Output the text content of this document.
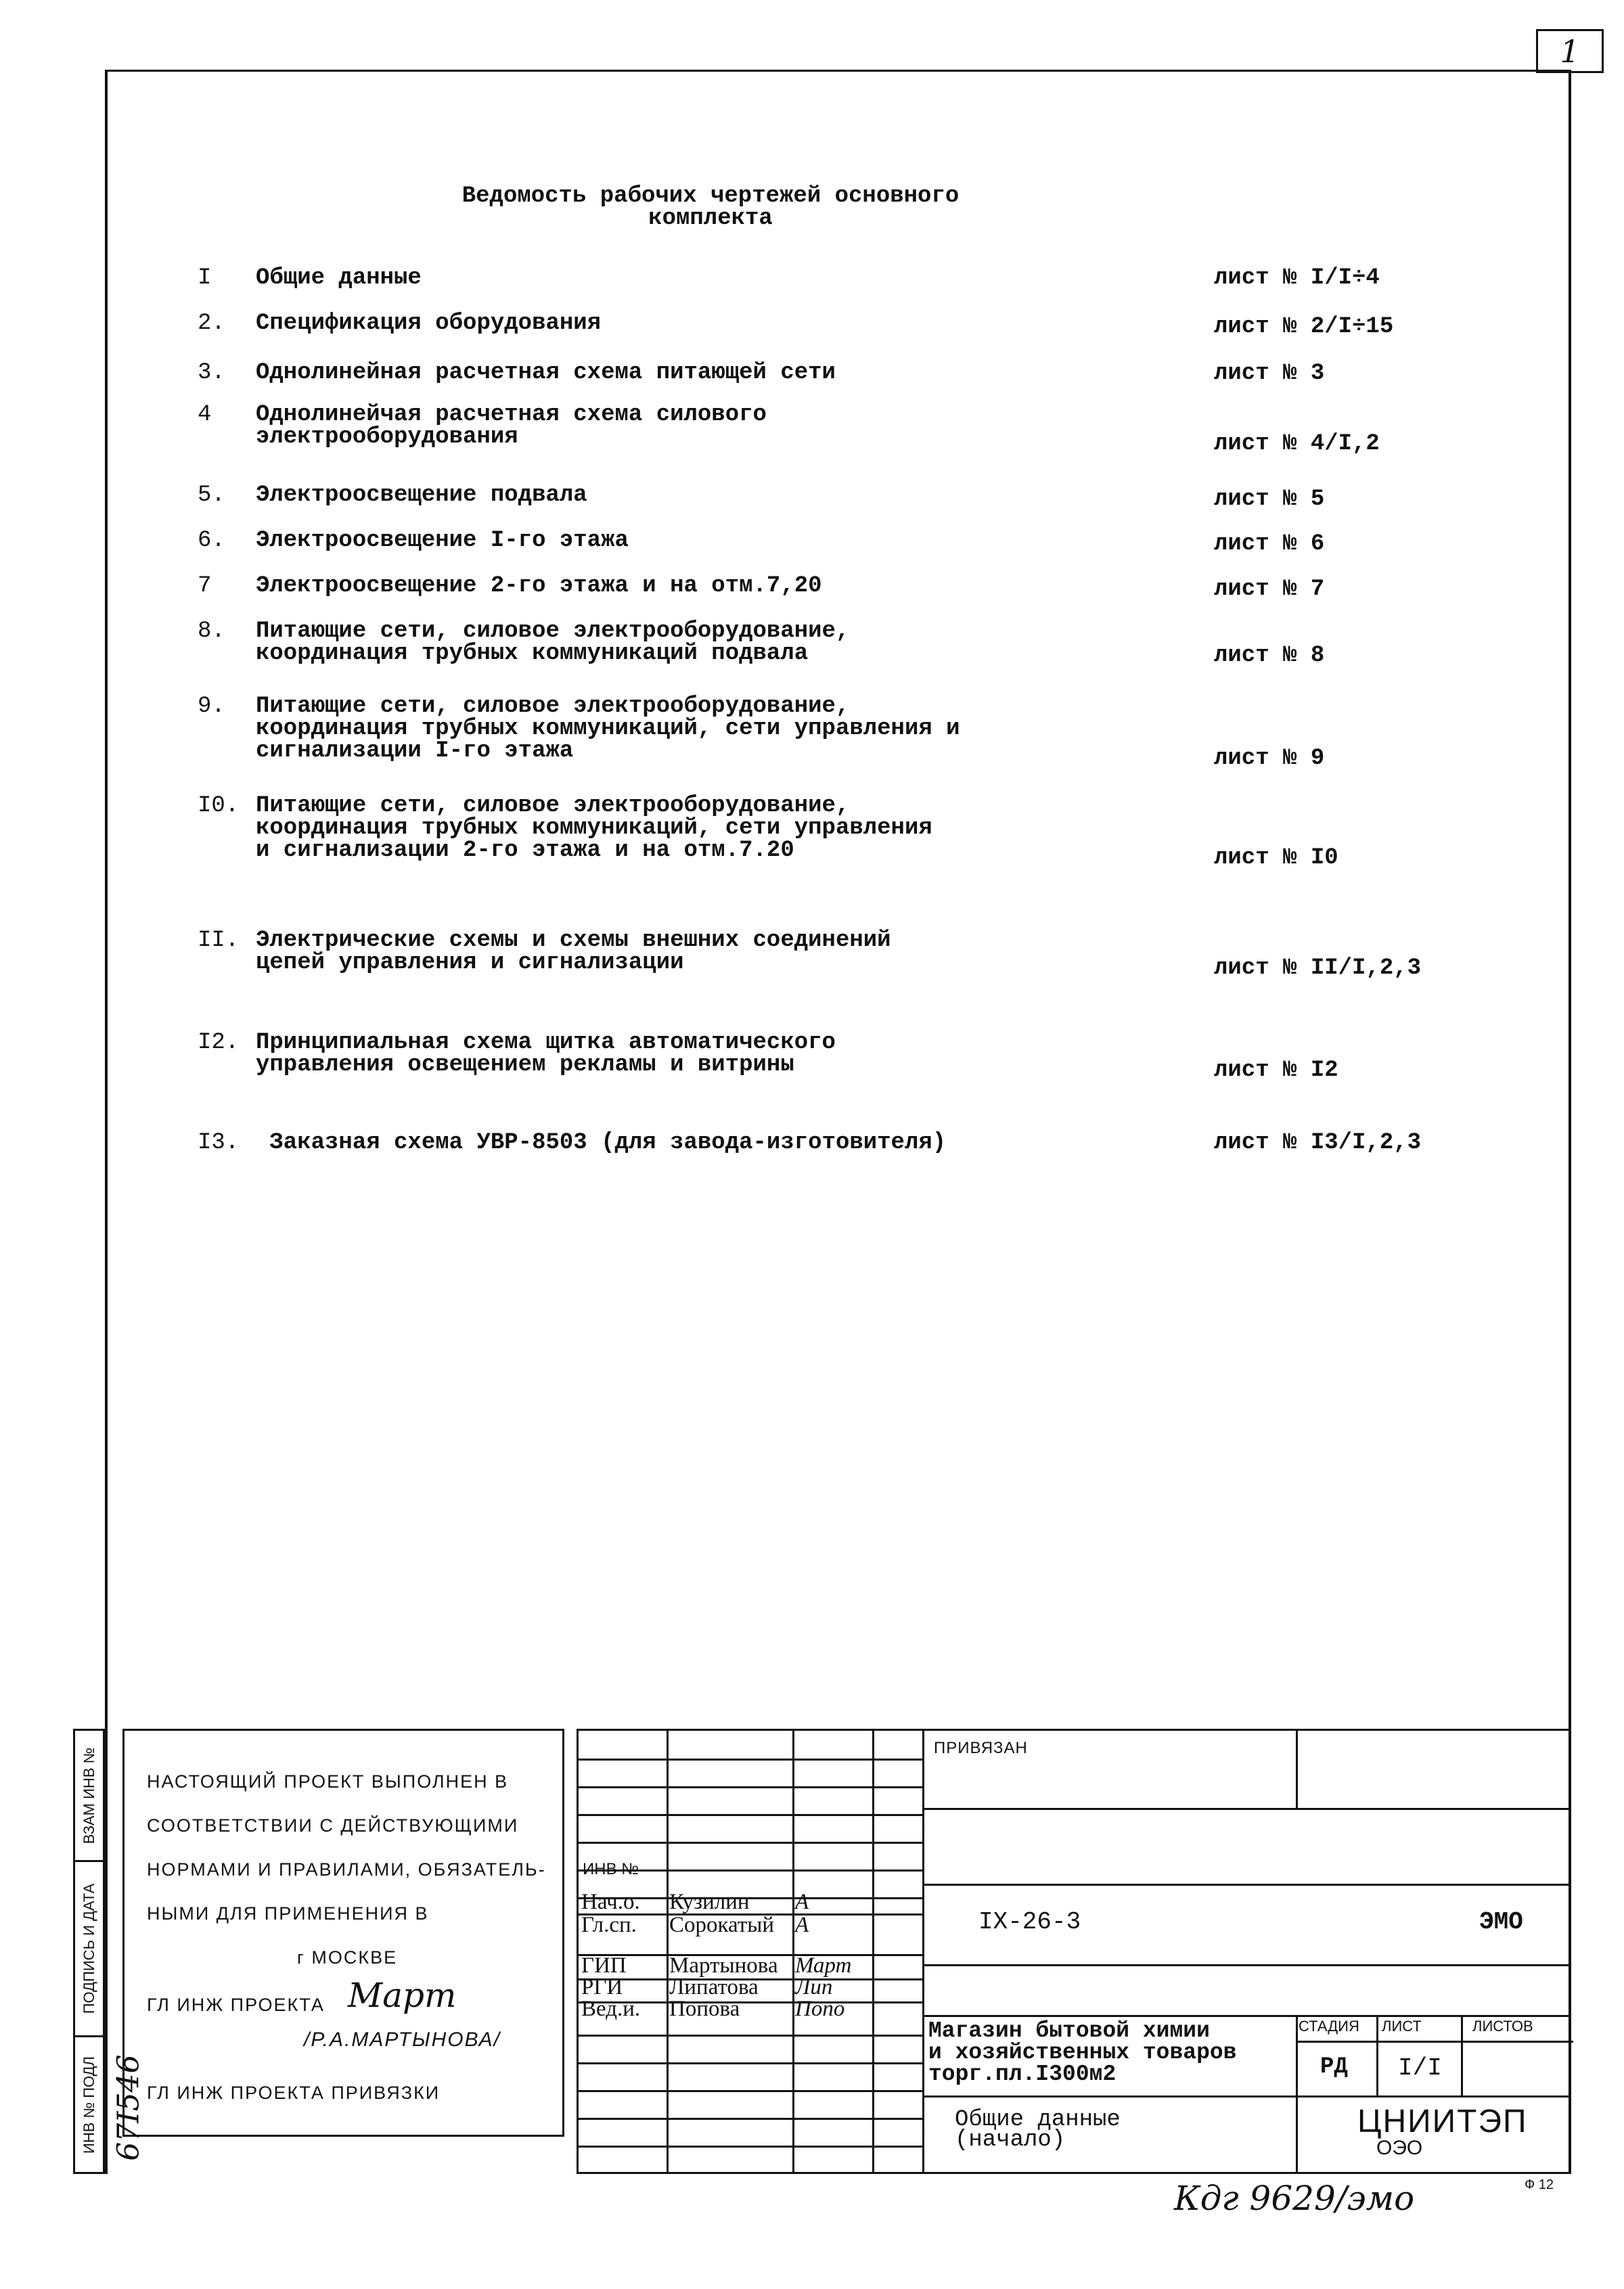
1
Ведомость рабочих чертежей основного
комплекта
I Общие данные	лист № I/I÷4
2. Спецификация оборудования	лист № 2/I÷15
3. Однолинейная расчетная схема питающей сети	лист № 3
4 Однолинейчая расчетная схема силового
электрооборудования	лист № 4/I,2
5. Электроосвещение подвала	лист № 5
6. Электроосвещение I-го этажа	лист № 6
7 Электроосвещение 2-го этажа и на отм.7,20	лист № 7
8. Питающие сети, силовое электрооборудование,
координация трубных коммуникаций подвала	лист № 8
9. Питающие сети, силовое электрооборудование,
координация трубных коммуникаций, сети управления и
сигнализации I-го этажа	лист № 9
I0. Питающие сети, силовое электрооборудование,
координация трубных коммуникаций, сети управления
и сигнализации 2-го этажа и на отм.7.20	лист № I0
II. Электрические схемы и схемы внешних соединений
цепей управления и сигнализации	лист № II/I,2,3
I2. Принципиальная схема щитка автоматического
управления освещением рекламы и витрины	лист № I2
I3. Заказная схема УВР-8503 (для завода-изготовителя)	лист № I3/I,2,3
ВЗАМ ИНВ №
ПОДПИСЬ И ДАТА
ИНВ № ПОДЛ 67I546
НАСТОЯЩИЙ ПРОЕКТ ВЫПОЛНЕН В
СООТВЕТСТВИИ С ДЕЙСТВУЮЩИМИ
НОРМАМИ И ПРАВИЛАМИ, ОБЯЗАТЕЛЬ-
НЫМИ ДЛЯ ПРИМЕНЕНИЯ В
г МОСКВЕ
ГЛ ИНЖ ПРОЕКТА Март
/Р.А.МАРТЫНОВА/
ГЛ ИНЖ ПРОЕКТА ПРИВЯЗКИ
ИНВ №
Нач.о. Кузилин А
Гл.сп. Сорокатый А
ГИП Мартынова Март
РГИ Липатова Лип
Вед.и. Попова Попо
ПРИВЯЗАН
IX-26-3	ЭМО
Магазин бытовой химии
и хозяйственных товаров
торг.пл.I300м2
СТАДИЯ ЛИСТ	ЛИСТОВ
РД I/I
Общие данные
(начало)
ЦНИИТЭП
ОЭО
Кдг 9629/эмо	Ф 12
